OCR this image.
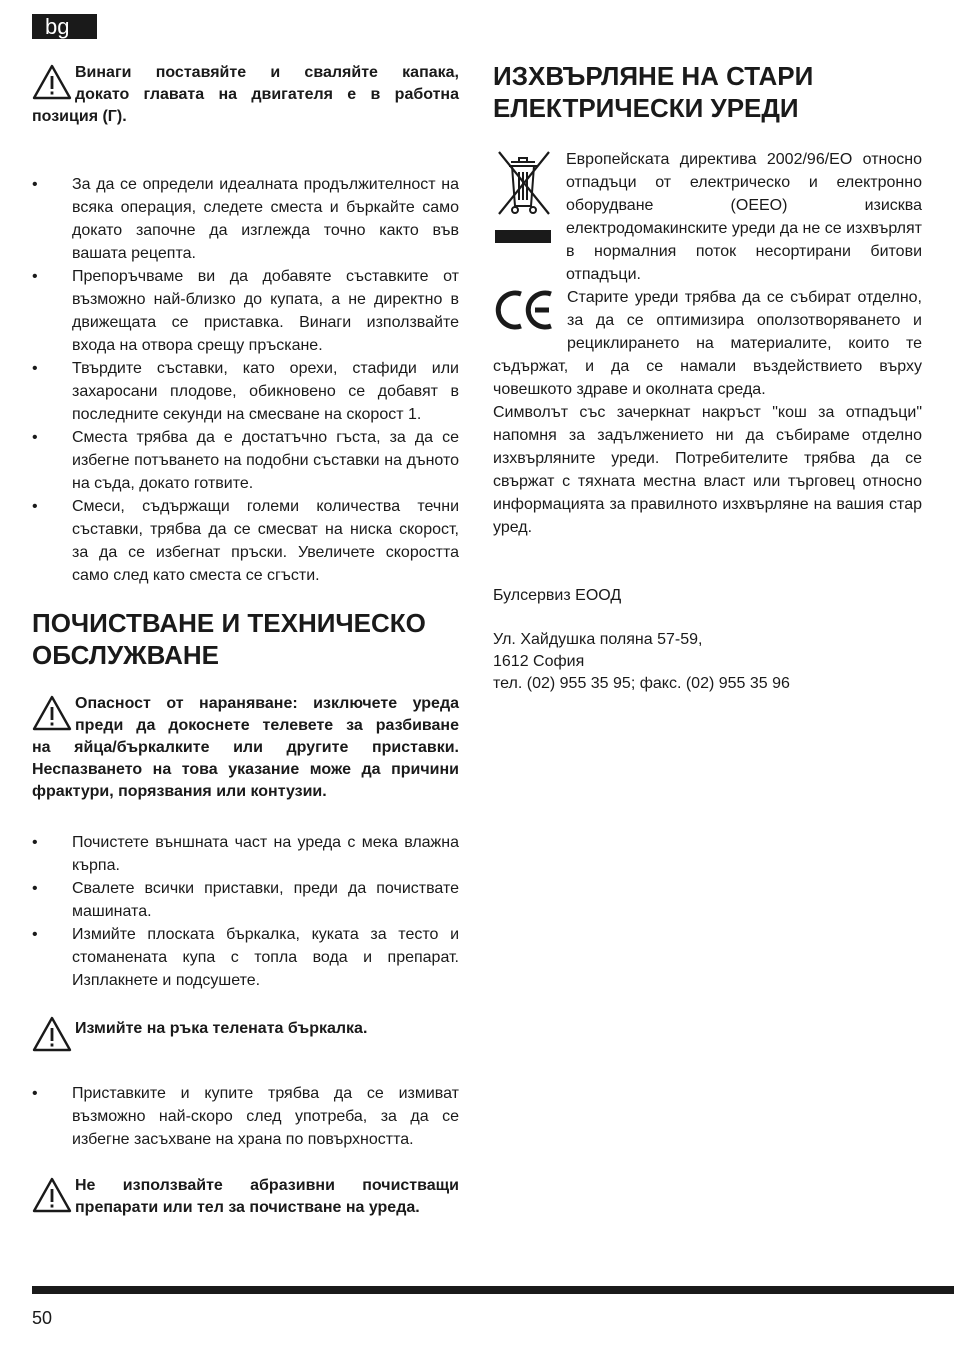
bg
Винаги поставяйте и сваляйте капака,
докато главата на двигателя е в работна
позиция (Г).
• За да се определи идеалната продължителност на всяка операция, следете сместа и бъркайте само докато започне да изглежда точно както във вашата рецепта.
• Препоръчваме ви да добавяте съставките от възможно най-близко до купата, а не директно в движещата се приставка. Винаги използвайте входа на отвора срещу пръскане.
• Твърдите съставки, като орехи, стафиди или захаросани плодове, обикновено се добавят в последните секунди на смесване на скорост 1.
• Сместа трябва да е достатъчно гъста, за да се избегне потъването на подобни съставки на дъното на съда, докато готвите.
• Смеси, съдържащи големи количества течни съставки, трябва да се смесват на ниска скорост, за да се избегнат пръски. Увеличете скоростта само след като сместа се сгъсти.
ПОЧИСТВАНЕ И ТЕХНИЧЕСКО ОБСЛУЖВАНЕ
Опасност от нараняване: изключете уреда
преди да докоснете телевете за разбиване
на яйца/бъркалките или другите приставки. Неспазването на това указание може да причини фрактури, порязвания или контузии.
• Почистете външната част на уреда с мека влажна кърпа.
• Свалете всички приставки, преди да почиствате машината.
• Измийте плоската бъркалка, куката за тесто и стоманената купа с топла вода и препарат. Изплакнете и подсушете.
Измийте на ръка телената бъркалка.
• Приставките и купите трябва да се измиват възможно най-скоро след употреба, за да се избегне засъхване на храна по повърхността.
Не използвайте абразивни почистващи
препарати или тел за почистване на уреда.
ИЗХВЪРЛЯНЕ НА СТАРИ ЕЛЕКТРИЧЕСКИ УРЕДИ
Европейската директива 2002/96/ЕО относно отпадъци от електрическо и електронно оборудване (ОЕЕО) изисква електродомакинските уреди да не се изхвърлят в нормалния поток несортирани битови отпадъци.
Старите уреди трябва да се събират отделно, за да се оптимизира оползотворяването и рециклирането на материалите, които те съдържат, и да се намали въздействието върху човешкото здраве и околната среда.
Символът със зачеркнат накръст "кош за отпадъци" напомня за задължението ни да събираме отделно изхвърляните уреди. Потребителите трябва да се свържат с тяхната местна власт или търговец относно информацията за правилното изхвърляне на вашия стар уред.
Булсервиз ЕООД
Ул. Хайдушка поляна 57-59,
1612 София
тел. (02) 955 35 95; факс. (02) 955 35 96
50
